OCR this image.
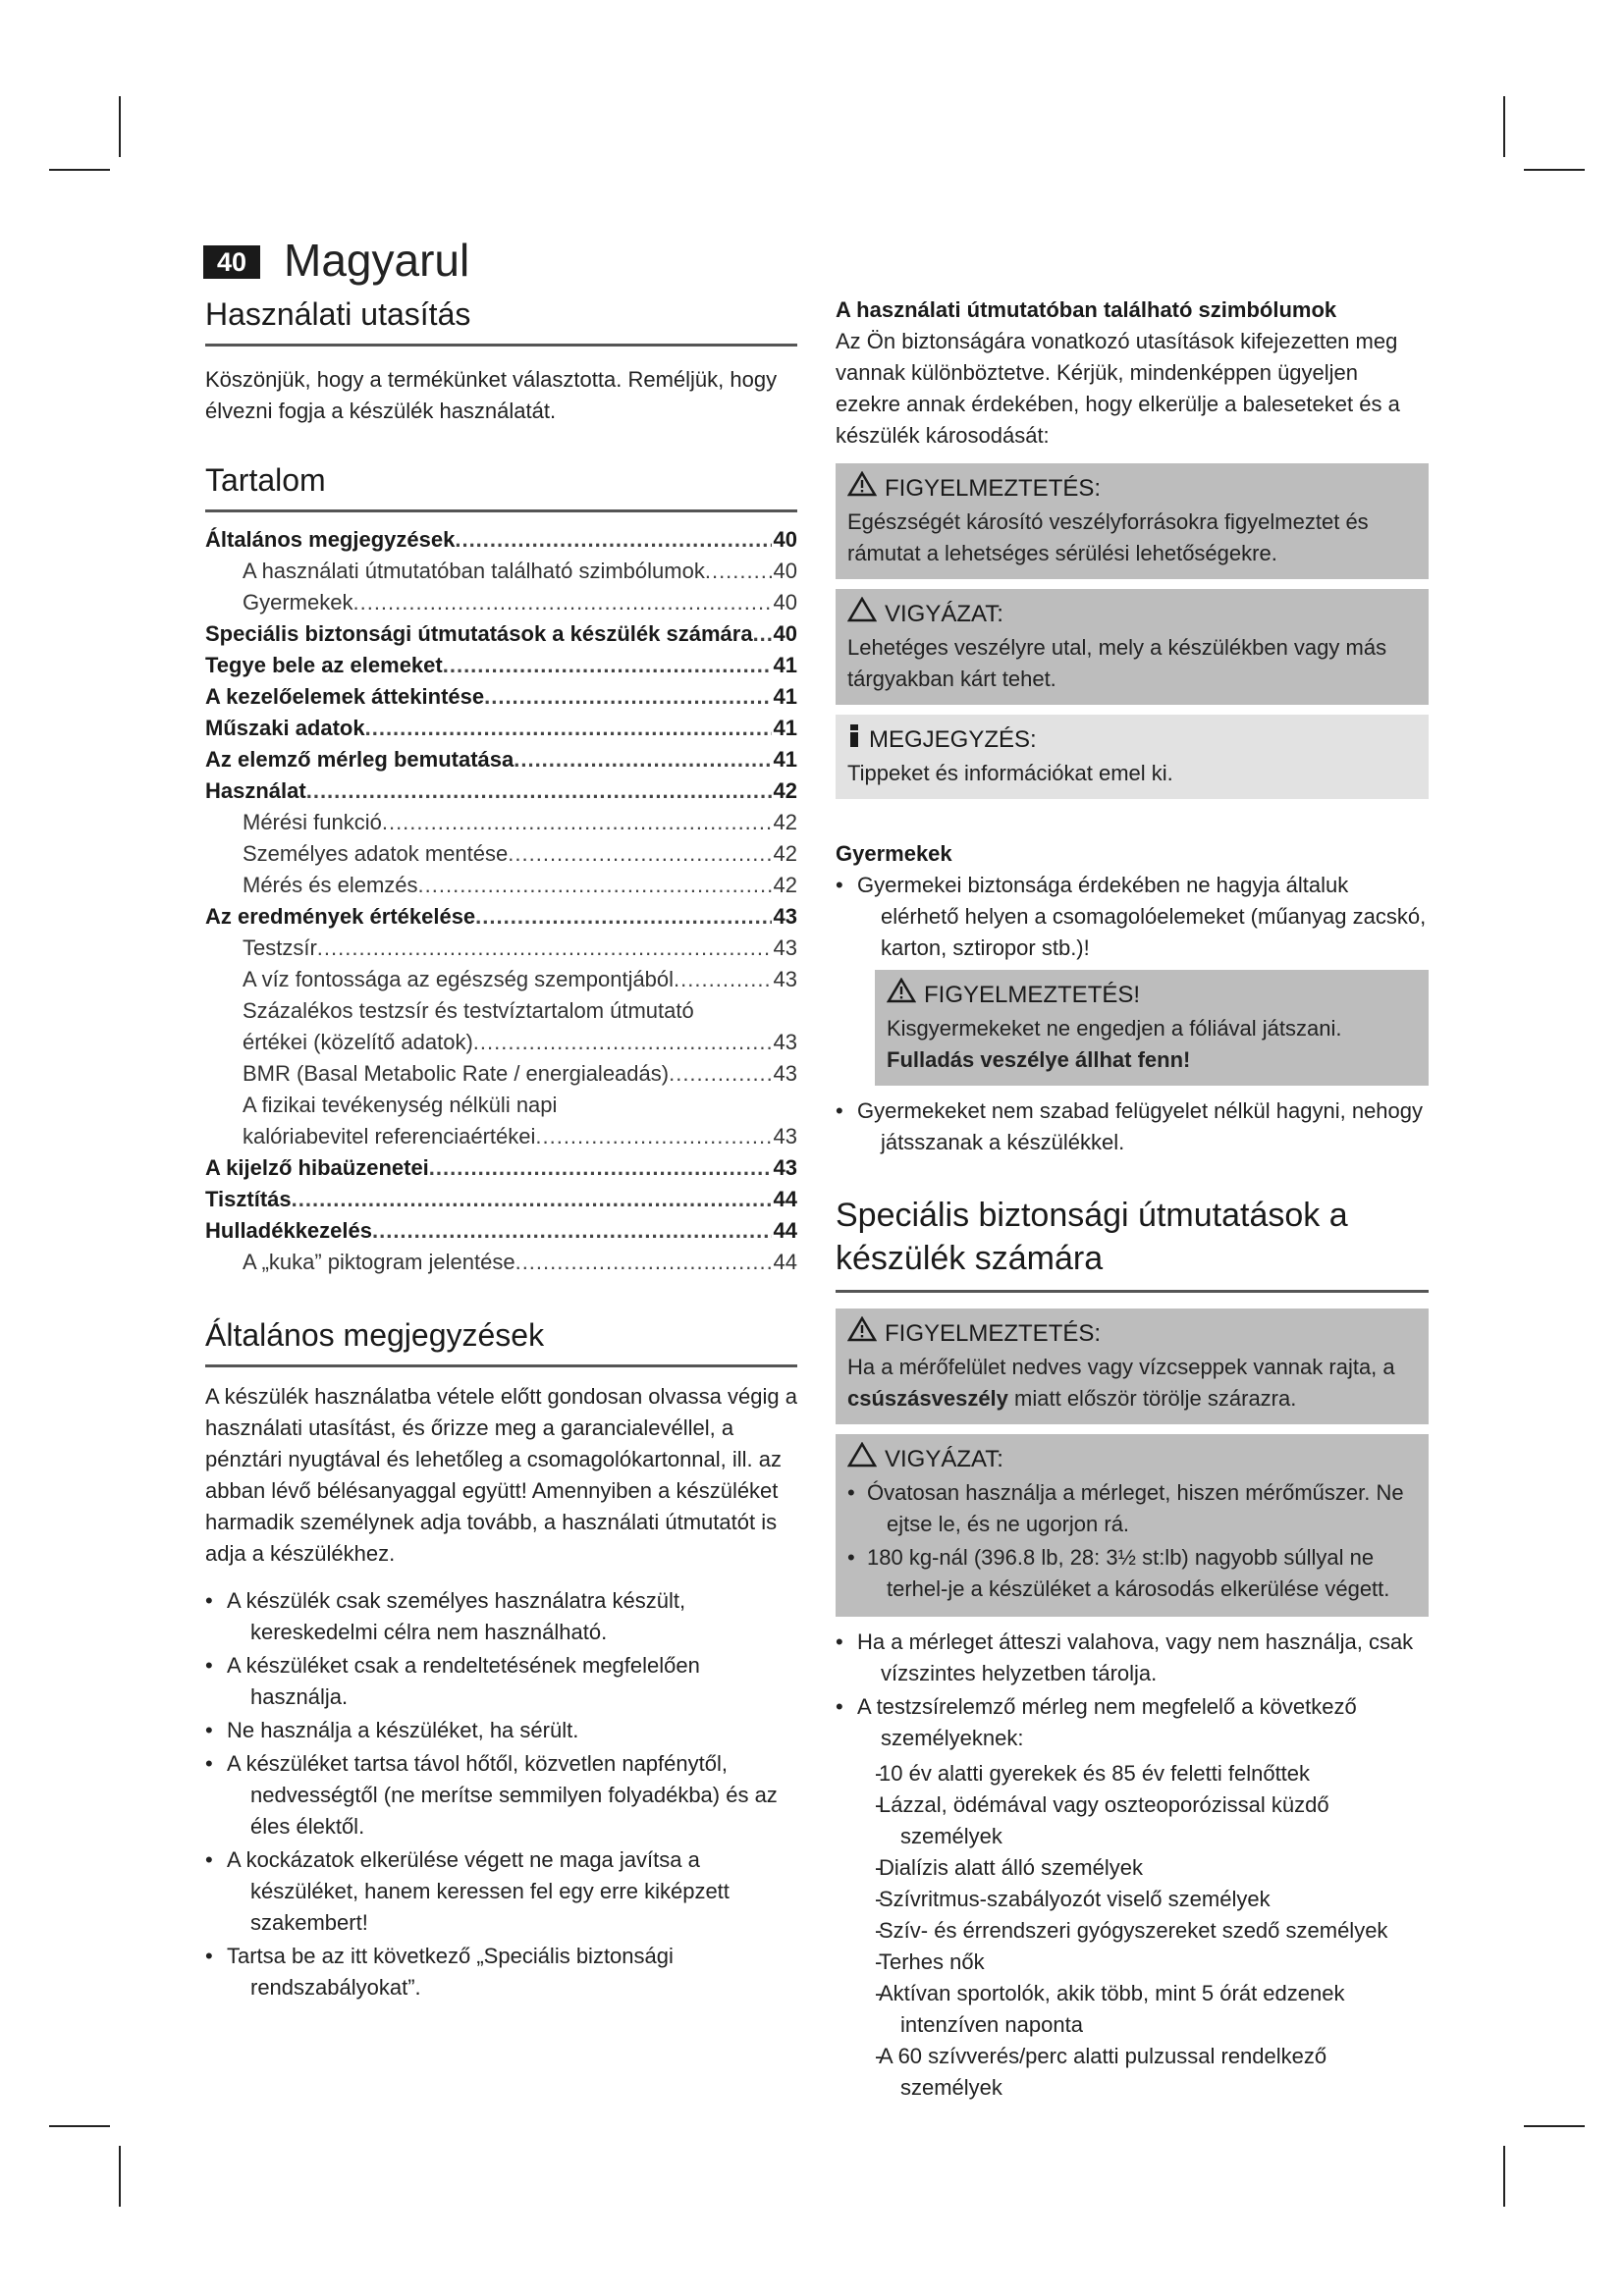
40 Magyarul
Használati utasítás

Köszönjük, hogy a termékünket választotta. Reméljük, hogy élvezni fogja a készülék használatát.

Tartalom
Általános megjegyzések .....	40
A használati útmutatóban található szimbólumok .....	40
Gyermekek .....	40
Speciális biztonsági útmutatások a készülék számára ..... 40
Tegye bele az elemeket .....	41
A kezelőelemek áttekintése .....	41
Műszaki adatok .....	41
Az elemző mérleg bemutatása .....	41
Használat .....	42
Mérési funkció .....	42
Személyes adatok mentése .....	42
Mérés és elemzés .....	42
Az eredmények értékelése .....	43
Testzsír .....	43
A víz fontossága az egészség szempontjából .....	43
Százalékos testzsír és testvíztartalom útmutató
értékei (közelítő adatok) .....	43
BMR (Basal Metabolic Rate / energialeadás) .....	43
A fizikai tevékenység nélküli napi
kalóriabevitel referenciaértékei .....	43
A kijelző hibaüzenetei .....	43
Tisztítás .....	44
Hulladékkezelés .....	44
A „kuka” piktogram jelentése .....	44
Általános megjegyzések

A készülék használatba vétele előtt gondosan olvassa végig a használati utasítást, és őrizze meg a garancialevéllel, a pénztári nyugtával és lehetőleg a csomagolókartonnal, ill. az abban lévő bélésanyaggal együtt! Amennyiben a készüléket harmadik személynek adja tovább, a használati útmutatót is adja a készülékhez.

• A készülék csak személyes használatra készült, kereskedelmi célra nem használható.
• A készüléket csak a rendeltetésének megfelelően használja.
• Ne használja a készüléket, ha sérült.
• A készüléket tartsa távol hőtől, közvetlen napfénytől, nedvességtől (ne merítse semmilyen folyadékba) és az éles élektől.
• A kockázatok elkerülése végett ne maga javítsa a készüléket, hanem keressen fel egy erre kiképzett szakembert!
• Tartsa be az itt következő „Speciális biztonsági rendszabályokat”.
A használati útmutatóban található szimbólumok

Az Ön biztonságára vonatkozó utasítások kifejezetten meg vannak különböztetve. Kérjük, mindenképpen ügyeljen ezekre annak érdekében, hogy elkerülje a baleseteket és a készülék károsodását:

FIGYELMEZTETÉS:

Egészségét károsító veszélyforrásokra figyelmeztet és rámutat a lehetséges sérülési lehetőségekre.

VIGYÁZAT:

Lehetéges veszélyre utal, mely a készülékben vagy más tárgyakban kárt tehet.

MEGJEGYZÉS:

Tippeket és információkat emel ki.

Gyermekek
• Gyermekei biztonsága érdekében ne hagyja általuk elérhető helyen a csomagolóelemeket (műanyag zacskó, karton, sztiropor stb.)!
FIGYELMEZTETÉS!

Kisgyermekeket ne engedjen a fóliával játszani. Fulladás veszélye állhat fenn!

• Gyermekeket nem szabad felügyelet nélkül hagyni, nehogy játsszanak a készülékkel.
Speciális biztonsági útmutatások a készülék számára
FIGYELMEZTETÉS:

Ha a mérőfelület nedves vagy vízcseppek vannak rajta, a csúszásveszély miatt először törölje szárazra.

VIGYÁZAT:
• Óvatosan használja a mérleget, hiszen mérőműszer. Ne ejtse le, és ne ugorjon rá.
• 180 kg-nál (396.8 lb, 28: 3½ st:lb) nagyobb súllyal ne terhel-je a készüléket a károsodás elkerülése végett.
• Ha a mérleget átteszi valahova, vagy nem használja, csak vízszintes helyzetben tárolja.
• A testzsírelemző mérleg nem megfelelő a következő személyeknek:
- 10 év alatti gyerekek és 85 év feletti felnőttek
- Lázzal, ödémával vagy oszteoporózissal küzdő személyek
- Dialízis alatt álló személyek
- Szívritmus-szabályozót viselő személyek
- Szív- és érrendszeri gyógyszereket szedő személyek
- Terhes nők
- Aktívan sportolók, akik több, mint 5 órát edzenek intenzíven naponta
- A 60 szívverés/perc alatti pulzussal rendelkező személyek
